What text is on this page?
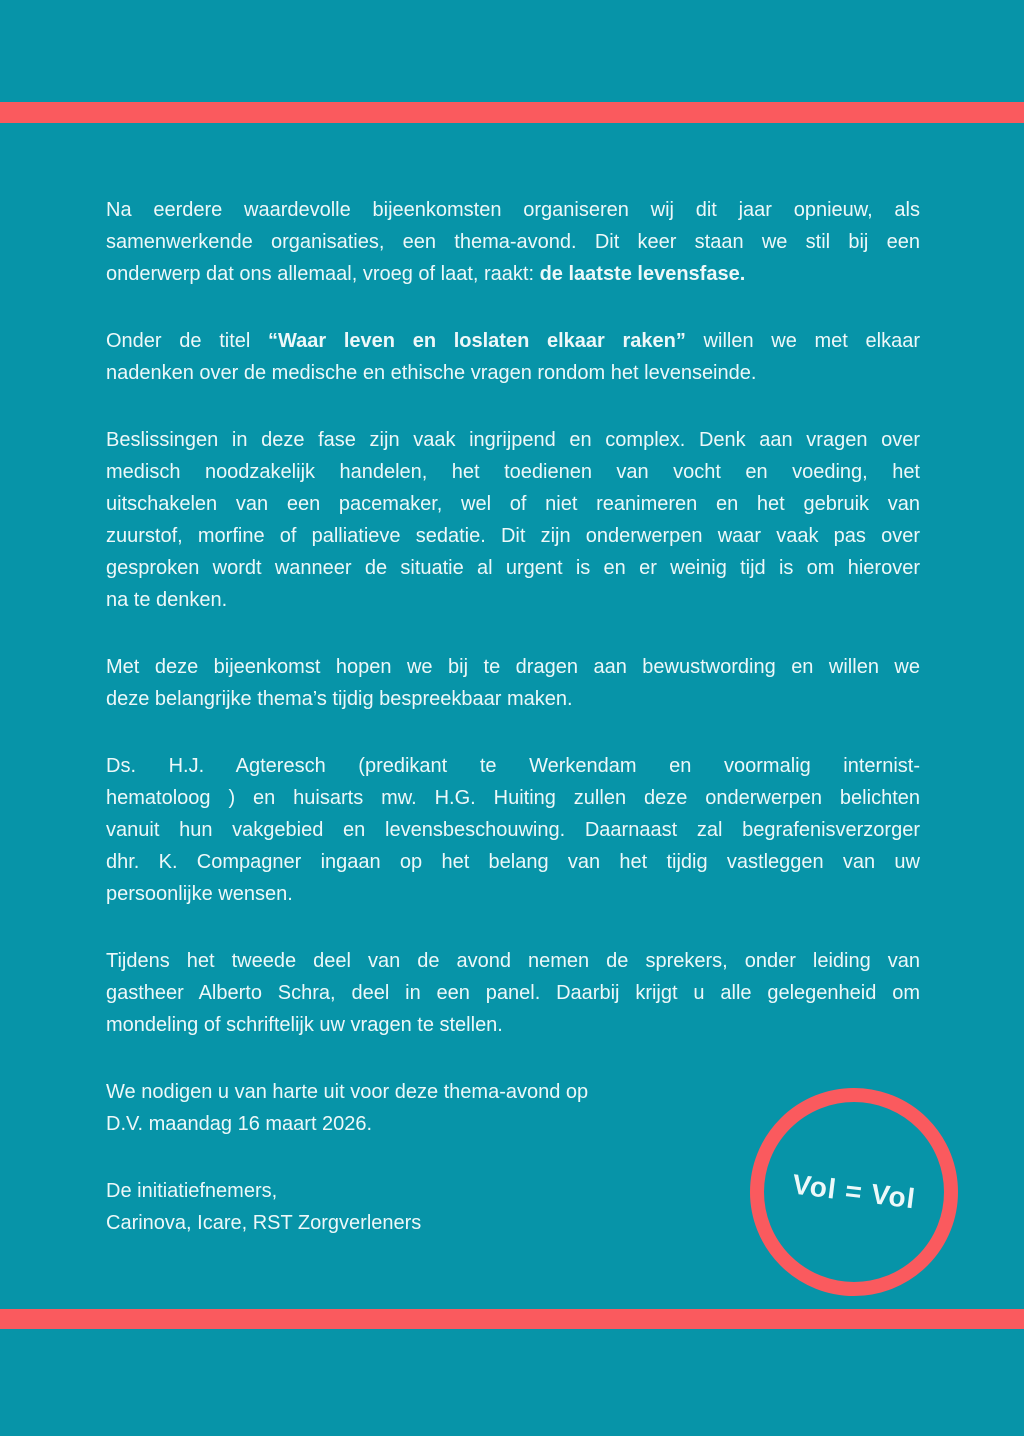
Na eerdere waardevolle bijeenkomsten organiseren wij dit jaar opnieuw, als
samenwerkende organisaties, een thema-avond. Dit keer staan we stil bij een
onderwerp dat ons allemaal, vroeg of laat, raakt: de laatste levensfase.
Onder de titel “Waar leven en loslaten elkaar raken” willen we met elkaar
nadenken over de medische en ethische vragen rondom het levenseinde.
Beslissingen in deze fase zijn vaak ingrijpend en complex. Denk aan vragen over
medisch noodzakelijk handelen, het toedienen van vocht en voeding, het
uitschakelen van een pacemaker, wel of niet reanimeren en het gebruik van
zuurstof, morfine of palliatieve sedatie. Dit zijn onderwerpen waar vaak pas over
gesproken wordt wanneer de situatie al urgent is en er weinig tijd is om hierover
na te denken.
Met deze bijeenkomst hopen we bij te dragen aan bewustwording en willen we
deze belangrijke thema’s tijdig bespreekbaar maken.
Ds. H.J. Agteresch (predikant te Werkendam en voormalig internist-
hematoloog ) en huisarts mw. H.G. Huiting zullen deze onderwerpen belichten
vanuit hun vakgebied en levensbeschouwing. Daarnaast zal begrafenisverzorger
dhr. K. Compagner ingaan op het belang van het tijdig vastleggen van uw
persoonlijke wensen.
Tijdens het tweede deel van de avond nemen de sprekers, onder leiding van
gastheer Alberto Schra, deel in een panel. Daarbij krijgt u alle gelegenheid om
mondeling of schriftelijk uw vragen te stellen.
We nodigen u van harte uit voor deze thema-avond op
D.V. maandag 16 maart 2026.
De initiatiefnemers,
Carinova, Icare, RST Zorgverleners
Vol = Vol
